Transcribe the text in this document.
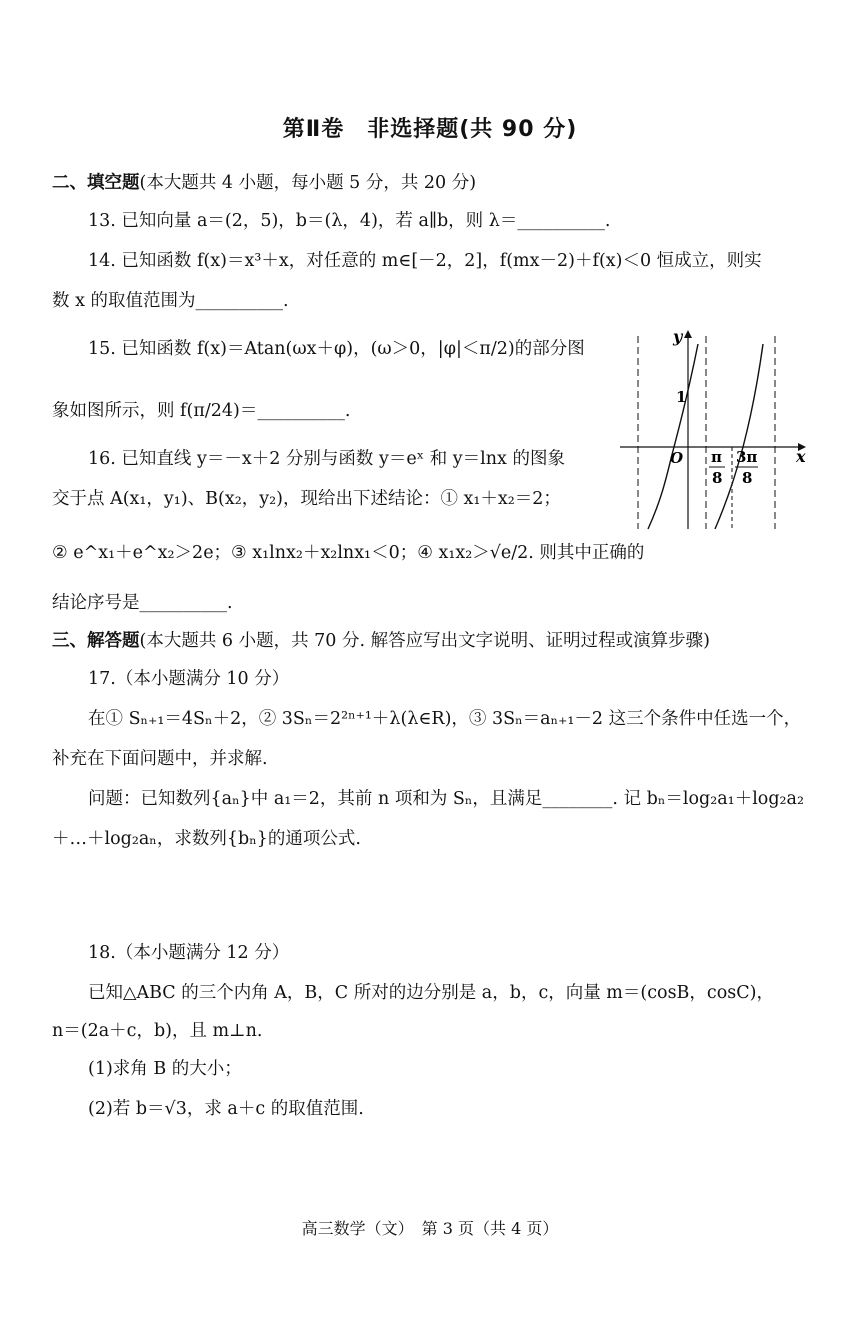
第Ⅱ卷　非选择题(共 90 分)
二、填空题(本大题共 4 小题，每小题 5 分，共 20 分)
13. 已知向量 a＝(2，5)，b＝(λ，4)，若 a∥b，则 λ＝__________.
14. 已知函数 f(x)＝x³＋x，对任意的 m∈[－2，2]，f(mx－2)＋f(x)＜0 恒成立，则实
数 x 的取值范围为__________.
15. 已知函数 f(x)＝Atan(ωx＋φ)，(ω＞0，|φ|＜π/2)的部分图
象如图所示，则 f(π/24)＝__________.
16. 已知直线 y＝－x＋2 分别与函数 y＝eˣ 和 y＝lnx 的图象
交于点 A(x₁，y₁)、B(x₂，y₂)，现给出下述结论：① x₁＋x₂＝2；
② e^x₁＋e^x₂＞2e；③ x₁lnx₂＋x₂lnx₁＜0；④ x₁x₂＞√e/2. 则其中正确的
结论序号是__________.
y
x
O
1
π
8
3π
8
三、解答题(本大题共 6 小题，共 70 分. 解答应写出文字说明、证明过程或演算步骤)
17.（本小题满分 10 分）
在① Sₙ₊₁＝4Sₙ＋2，② 3Sₙ＝2²ⁿ⁺¹＋λ(λ∈R)，③ 3Sₙ＝aₙ₊₁－2 这三个条件中任选一个，
补充在下面问题中，并求解.
问题：已知数列{aₙ}中 a₁＝2，其前 n 项和为 Sₙ，且满足________. 记 bₙ＝log₂a₁＋log₂a₂
＋…＋log₂aₙ，求数列{bₙ}的通项公式.
18.（本小题满分 12 分）
已知△ABC 的三个内角 A，B，C 所对的边分别是 a，b，c，向量 m＝(cosB，cosC)，
n＝(2a＋c，b)，且 m⊥n.
(1)求角 B 的大小；
(2)若 b＝√3，求 a＋c 的取值范围.
高三数学（文）　第 3 页（共 4 页）
